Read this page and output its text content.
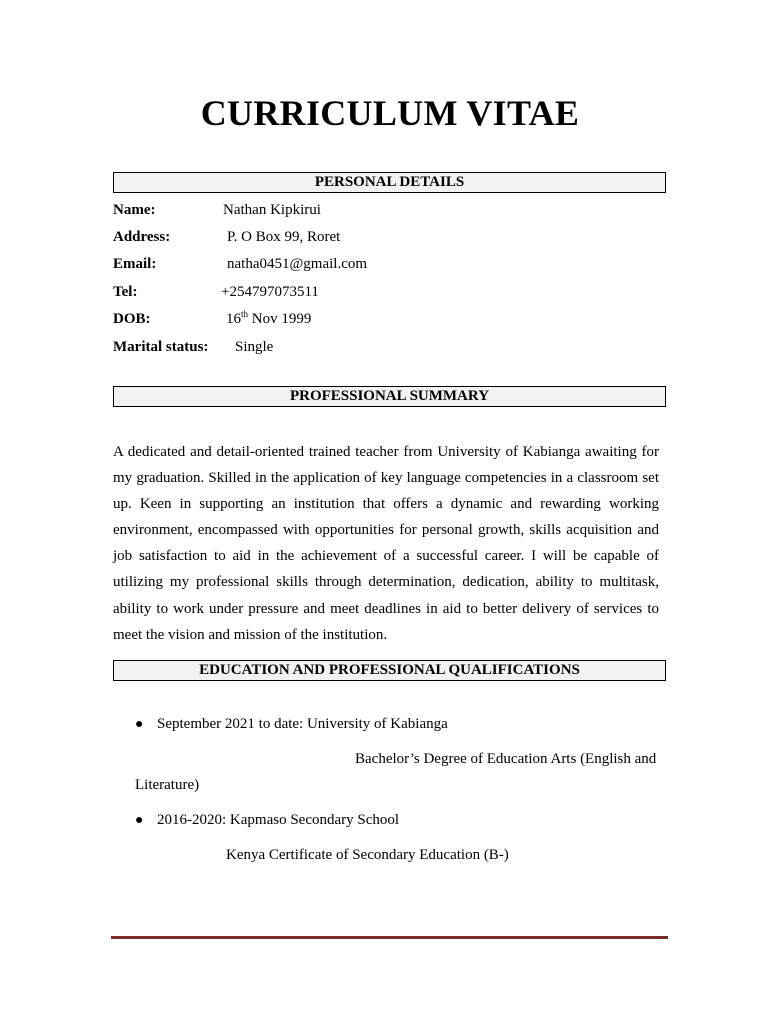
CURRICULUM VITAE
PERSONAL DETAILS
Name:	Nathan Kipkirui
Address:	P. O Box 99, Roret
Email:	natha0451@gmail.com
Tel:	+254797073511
DOB:	16th Nov 1999
Marital status: Single
PROFESSIONAL SUMMARY

A dedicated and detail-oriented trained teacher from University of Kabianga awaiting for my graduation. Skilled in the application of key language competencies in a classroom set up. Keen in supporting an institution that offers a dynamic and rewarding working environment, encompassed with opportunities for personal growth, skills acquisition and job satisfaction to aid in the achievement of a successful career. I will be capable of utilizing my professional skills through determination, dedication, ability to multitask, ability to work under pressure and meet deadlines in aid to better delivery of services to meet the vision and mission of the institution.

EDUCATION AND PROFESSIONAL QUALIFICATIONS
● September 2021 to date: University of Kabianga
Bachelor’s Degree of Education Arts (English and
Literature)
● 2016-2020: Kapmaso Secondary School
Kenya Certificate of Secondary Education (B-)
